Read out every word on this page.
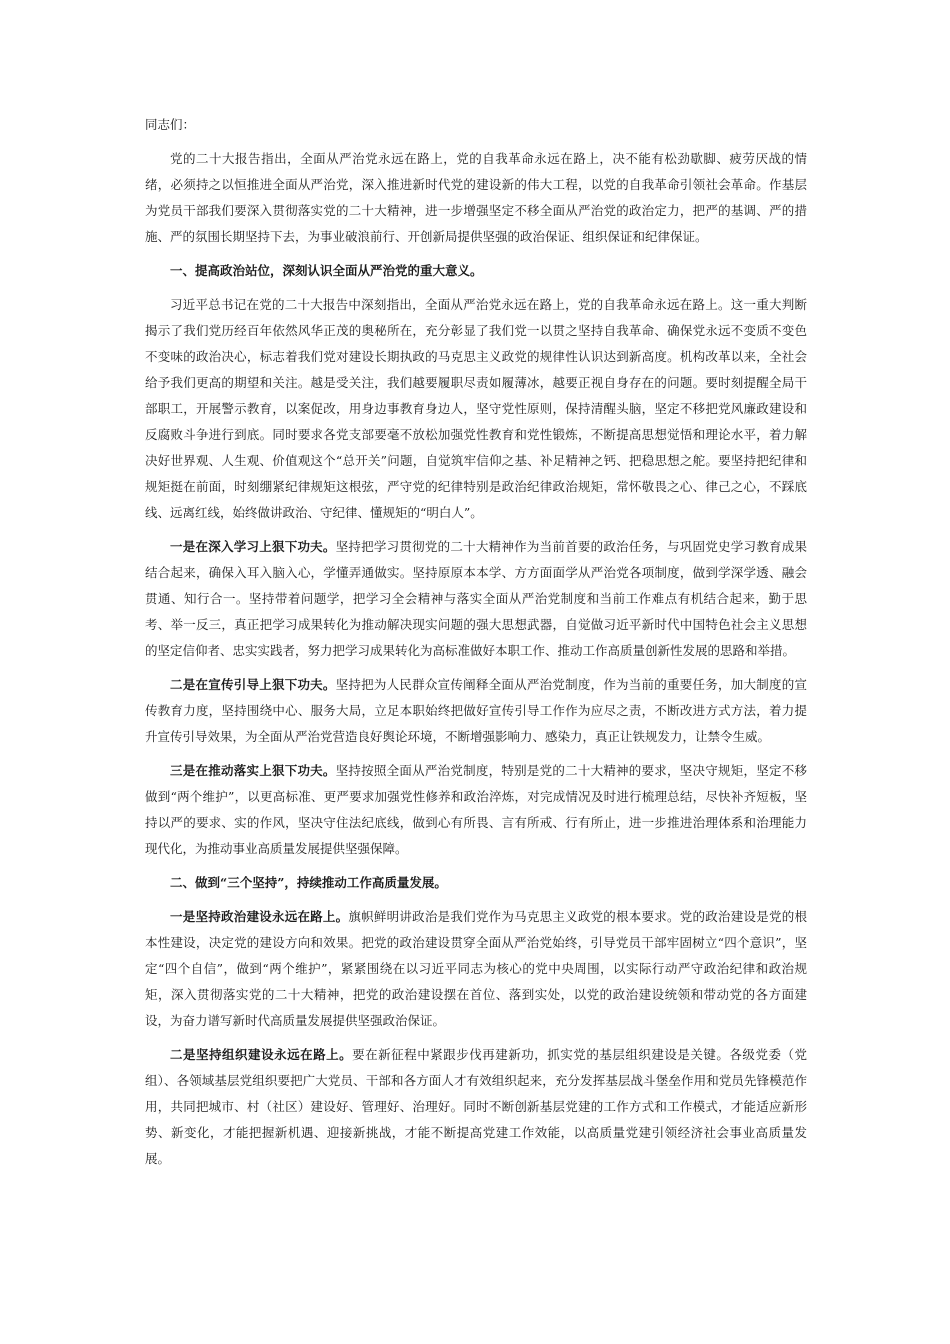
同志们：

党的二十大报告指出，全面从严治党永远在路上，党的自我革命永远在路上，决不能有松劲歇脚、疲劳厌战的情绪，必须持之以恒推进全面从严治党，深入推进新时代党的建设新的伟大工程，以党的自我革命引领社会革命。作基层为党员干部我们要深入贯彻落实党的二十大精神，进一步增强坚定不移全面从严治党的政治定力，把严的基调、严的措施、严的氛围长期坚持下去，为事业破浪前行、开创新局提供坚强的政治保证、组织保证和纪律保证。

一、提高政治站位，深刻认识全面从严治党的重大意义。

习近平总书记在党的二十大报告中深刻指出，全面从严治党永远在路上，党的自我革命永远在路上。这一重大判断揭示了我们党历经百年依然风华正茂的奥秘所在，充分彰显了我们党一以贯之坚持自我革命、确保党永远不变质不变色不变味的政治决心，标志着我们党对建设长期执政的马克思主义政党的规律性认识达到新高度。机构改革以来，全社会给予我们更高的期望和关注。越是受关注，我们越要履职尽责如履薄冰，越要正视自身存在的问题。要时刻提醒全局干部职工，开展警示教育，以案促改，用身边事教育身边人，坚守党性原则，保持清醒头脑，坚定不移把党风廉政建设和反腐败斗争进行到底。同时要求各党支部要毫不放松加强党性教育和党性锻炼，不断提高思想觉悟和理论水平，着力解决好世界观、人生观、价值观这个“总开关”问题，自觉筑牢信仰之基、补足精神之钙、把稳思想之舵。要坚持把纪律和规矩挺在前面，时刻绷紧纪律规矩这根弦，严守党的纪律特别是政治纪律政治规矩，常怀敬畏之心、律己之心，不踩底线、远离红线，始终做讲政治、守纪律、懂规矩的“明白人”。

一是在深入学习上狠下功夫。坚持把学习贯彻党的二十大精神作为当前首要的政治任务，与巩固党史学习教育成果结合起来，确保入耳入脑入心，学懂弄通做实。坚持原原本本学、方方面面学从严治党各项制度，做到学深学透、融会贯通、知行合一。坚持带着问题学，把学习全会精神与落实全面从严治党制度和当前工作难点有机结合起来，勤于思考、举一反三，真正把学习成果转化为推动解决现实问题的强大思想武器，自觉做习近平新时代中国特色社会主义思想的坚定信仰者、忠实实践者，努力把学习成果转化为高标准做好本职工作、推动工作高质量创新性发展的思路和举措。

二是在宣传引导上狠下功夫。坚持把为人民群众宣传阐释全面从严治党制度，作为当前的重要任务，加大制度的宣传教育力度，坚持围绕中心、服务大局，立足本职始终把做好宣传引导工作作为应尽之责，不断改进方式方法，着力提升宣传引导效果，为全面从严治党营造良好舆论环境，不断增强影响力、感染力，真正让铁规发力，让禁令生威。

三是在推动落实上狠下功夫。坚持按照全面从严治党制度，特别是党的二十大精神的要求，坚决守规矩，坚定不移做到“两个维护”，以更高标准、更严要求加强党性修养和政治淬炼，对完成情况及时进行梳理总结，尽快补齐短板，坚持以严的要求、实的作风，坚决守住法纪底线，做到心有所畏、言有所戒、行有所止，进一步推进治理体系和治理能力现代化，为推动事业高质量发展提供坚强保障。

二、做到“三个坚持”，持续推动工作高质量发展。

一是坚持政治建设永远在路上。旗帜鲜明讲政治是我们党作为马克思主义政党的根本要求。党的政治建设是党的根本性建设，决定党的建设方向和效果。把党的政治建设贯穿全面从严治党始终，引导党员干部牢固树立“四个意识”，坚定“四个自信”，做到“两个维护”，紧紧围绕在以习近平同志为核心的党中央周围，以实际行动严守政治纪律和政治规矩，深入贯彻落实党的二十大精神，把党的政治建设摆在首位、落到实处，以党的政治建设统领和带动党的各方面建设，为奋力谱写新时代高质量发展提供坚强政治保证。

二是坚持组织建设永远在路上。要在新征程中紧跟步伐再建新功，抓实党的基层组织建设是关键。各级党委（党组）、各领域基层党组织要把广大党员、干部和各方面人才有效组织起来，充分发挥基层战斗堡垒作用和党员先锋模范作用，共同把城市、村（社区）建设好、管理好、治理好。同时不断创新基层党建的工作方式和工作模式，才能适应新形势、新变化，才能把握新机遇、迎接新挑战，才能不断提高党建工作效能，以高质量党建引领经济社会事业高质量发展。
